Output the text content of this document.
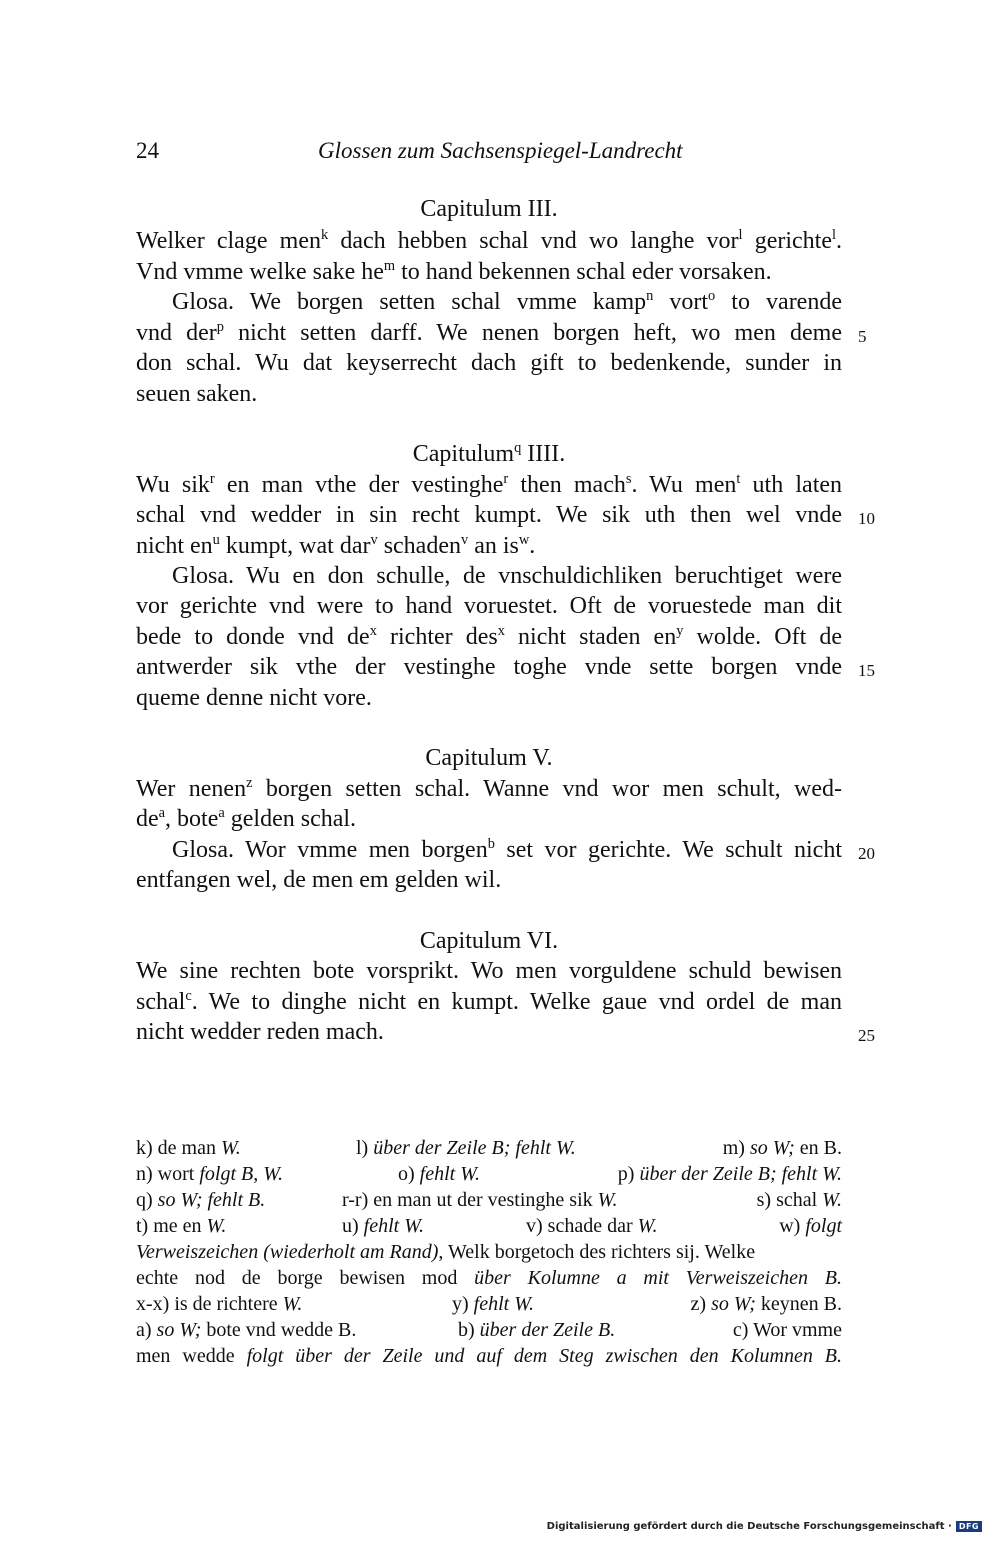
24	Glossen zum Sachsenspiegel-Landrecht
Capitulum III.
Welker clage men$^k$ dach hebben schal vnd wo langhe vor$^l$ gerichte$^l$.
Vnd vmme welke sake $he^m$ to hand bekennen schal eder vorsaken.
Glosa. We borgen setten schal vmme kamp$^n$ vort$^o$ to varende
vnd der$^p$ nicht setten darff. We nenen borgen heft, wo men deme 5
don schal. Wu dat keyserrecht dach gift to bedenkende, sunder in
seuen saken.
Capitulum$^q$ IIII.
Wu sik$^r$ en man vthe der vestinghe$^r$ then mach$^s$. Wu men$^t$ uth laten
schal vnd wedder in sin recht kumpt. We sik uth then wel vnde 10
nicht $en^u$ kumpt, wat dar$^v$ schaden$^v$ an $is^w$.
Glosa. Wu en don schulle, de vnschuldichliken beruchtiget were
vor gerichte vnd were to hand voruestet. Oft de voruestede man dit
bede to donde vnd $de^x$ richter des$^x$ nicht staden $en^y$ wolde. Oft de
antwerder sik vthe der vestinghe toghe vnde sette borgen vnde 15
queme denne nicht vore.
Capitulum V.
Wer nenen$^z$ borgen setten schal. Wanne vnd wor men schult, wed-
$de^a$, bote$^a$ gelden schal.
Glosa. Wor vmme men borgen$^b$ set vor gerichte. We schult nicht 20
entfangen wel, de men em gelden wil.
Capitulum VI.
We sine rechten bote vorsprikt. Wo men vorguldene schuld bewisen
schal$^c$. We to dinghe nicht en kumpt. Welke gaue vnd ordel de man
nicht wedder reden mach.	25
k) de man W.	l) über der Zeile B; fehlt W.	m) so W; en B.
n) wort folgt B, W.	o) fehlt W.	p) über der Zeile B; fehlt W.
q) so W; fehlt B.	r-r) en man ut der vestinghe sik W.	s) schal W.
t) me en W.	u) fehlt W.	v) schade dar W.	w) folgt
Verweiszeichen (wiederholt am Rand), Welk borgetoch des richters sij. Welke
echte nod de borge bewisen mod über Kolumne a mit Verweiszeichen B.
x-x) is de richtere W.	y) fehlt W.	z) so W; keynen B.
a) so W; bote vnd wedde B.	b) über der Zeile B.	c) Wor vmme
men wedde folgt über der Zeile und auf dem Steg zwischen den Kolumnen B.
Digitalisierung gefördert durch die Deutsche Forschungsgemeinschaft · DFG
